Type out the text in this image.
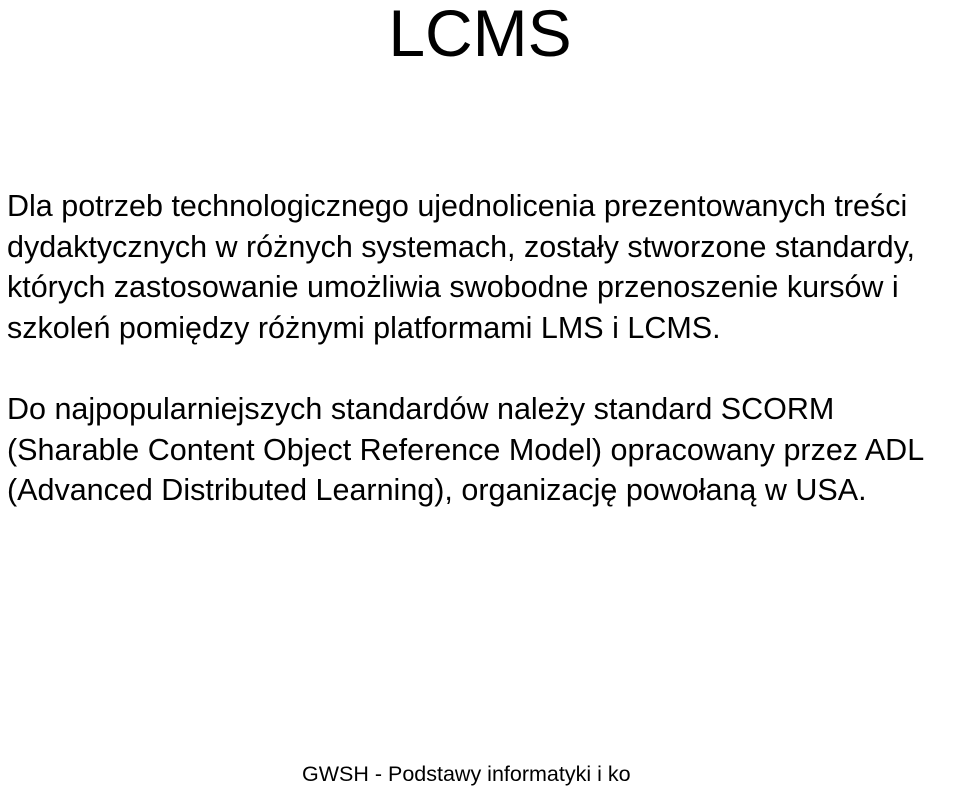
LCMS

Dla potrzeb technologicznego ujednolicenia prezentowanych treści dydaktycznych w różnych systemach, zostały stworzone standardy, których zastosowanie umożliwia swobodne przenoszenie kursów i szkoleń pomiędzy różnymi platformami LMS i LCMS.

Do najpopularniejszych standardów należy standard SCORM (Sharable Content Object Reference Model) opracowany przez ADL (Advanced Distributed Learning), organizację powołaną w USA.

GWSH - Podstawy informatyki i ko
